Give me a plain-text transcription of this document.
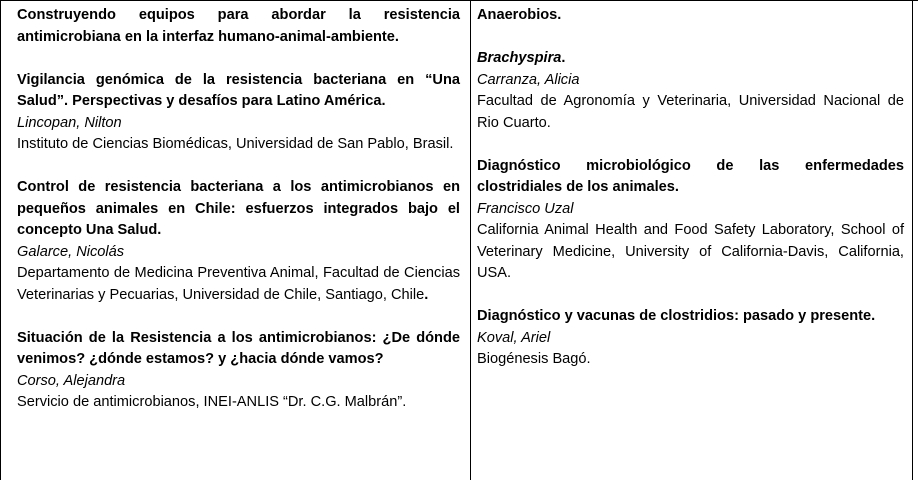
Construyendo equipos para abordar la resistencia antimicrobiana en la interfaz humano-animal-ambiente.
Vigilancia genómica de la resistencia bacteriana en “Una Salud”. Perspectivas y desafíos para Latino América.
Lincopan, Nilton
Instituto de Ciencias Biomédicas, Universidad de San Pablo, Brasil.
Control de resistencia bacteriana a los antimicrobianos en pequeños animales en Chile: esfuerzos integrados bajo el concepto Una Salud.
Galarce, Nicolás
Departamento de Medicina Preventiva Animal, Facultad de Ciencias Veterinarias y Pecuarias, Universidad de Chile, Santiago, Chile.
Situación de la Resistencia a los antimicrobianos: ¿De dónde venimos? ¿dónde estamos? y ¿hacia dónde vamos?
Corso, Alejandra
Servicio de antimicrobianos, INEI-ANLIS “Dr. C.G. Malbrán”.
Anaerobios.
Brachyspira.
Carranza, Alicia
Facultad de Agronomía y Veterinaria, Universidad Nacional de Rio Cuarto.
Diagnóstico microbiológico de las enfermedades clostridiales de los animales.
Francisco Uzal
California Animal Health and Food Safety Laboratory, School of Veterinary Medicine, University of California-Davis, California, USA.
Diagnóstico y vacunas de clostridios: pasado y presente.
Koval, Ariel
Biogénesis Bagó.
